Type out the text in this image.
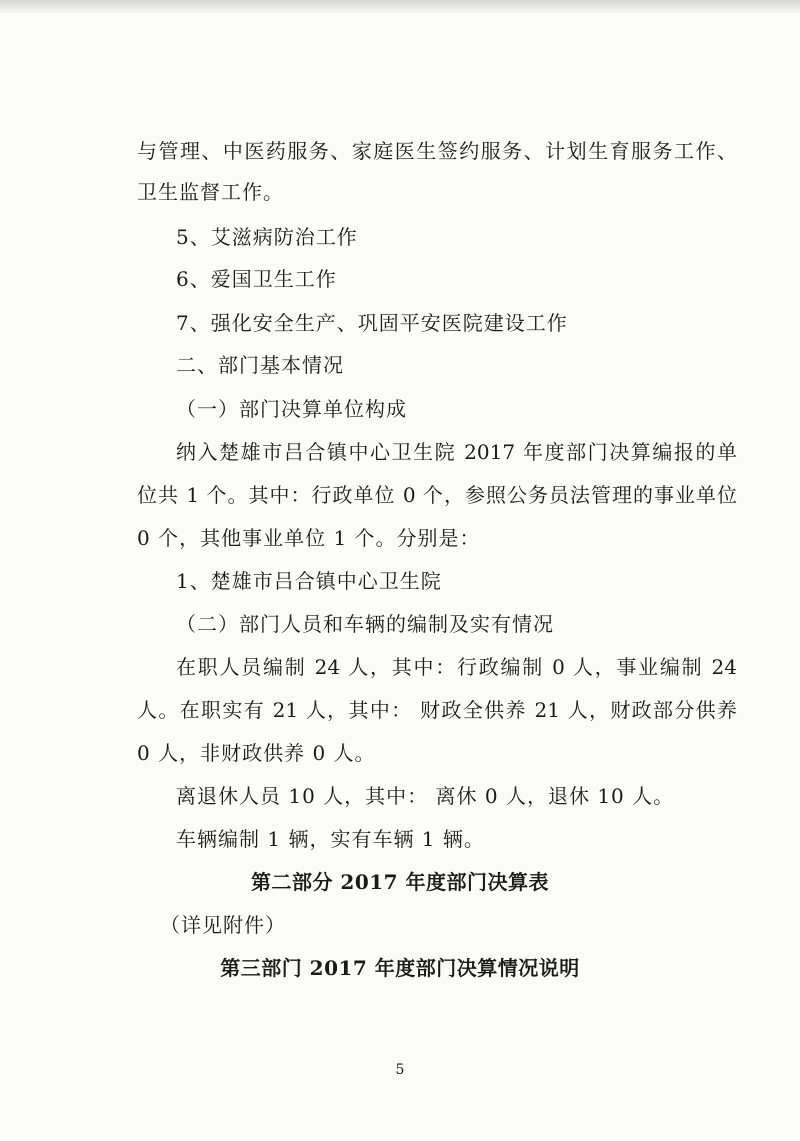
与管理、中医药服务、家庭医生签约服务、计划生育服务工作、
卫生监督工作。
5、艾滋病防治工作
6、爱国卫生工作
7、强化安全生产、巩固平安医院建设工作
二、部门基本情况
（一）部门决算单位构成
纳入楚雄市吕合镇中心卫生院 2017 年度部门决算编报的单
位共 1 个。其中：行政单位 0 个，参照公务员法管理的事业单位
0 个，其他事业单位 1 个。分别是：
1、楚雄市吕合镇中心卫生院
（二）部门人员和车辆的编制及实有情况
在职人员编制 24 人，其中：行政编制 0 人，事业编制 24
人。在职实有 21 人，其中： 财政全供养 21 人，财政部分供养
0 人，非财政供养 0 人。
离退休人员 10 人，其中： 离休 0 人，退休 10 人。
车辆编制 1 辆，实有车辆 1 辆。
第二部分 2017 年度部门决算表
（详见附件）
第三部门 2017 年度部门决算情况说明
5
